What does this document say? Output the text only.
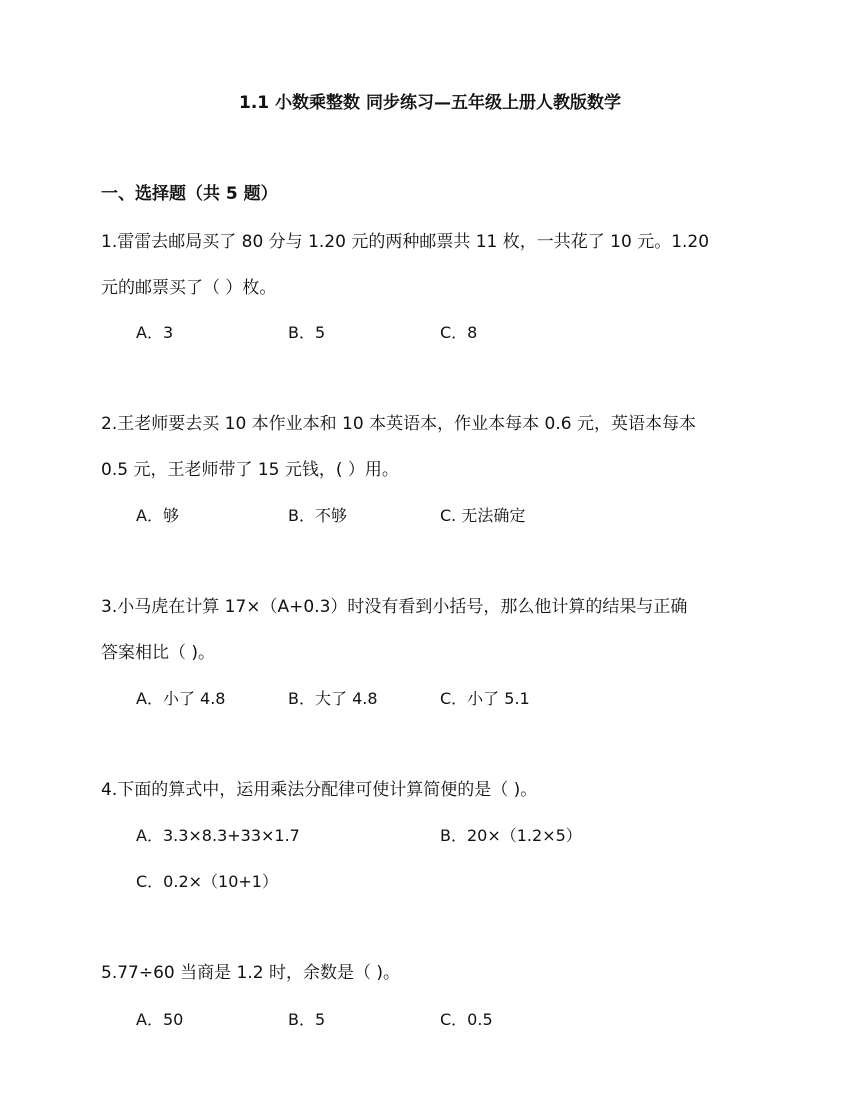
1.1 小数乘整数 同步练习—五年级上册人教版数学
一、选择题（共 5 题）
1.雷雷去邮局买了 80 分与 1.20 元的两种邮票共 11 枚，一共花了 10 元。1.20
元的邮票买了（ ）枚。
A．3	B．5	C．8
2.王老师要去买 10 本作业本和 10 本英语本，作业本每本 0.6 元，英语本每本
0.5 元，王老师带了 15 元钱，( ）用。
A．够	B．不够	C. 无法确定
3.小马虎在计算 17×（A+0.3）时没有看到小括号，那么他计算的结果与正确
答案相比（ )。
A．小了 4.8	B．大了 4.8	C．小了 5.1
4.下面的算式中，运用乘法分配律可使计算简便的是（ )。
A．3.3×8.3+33×1.7	B．20×（1.2×5）
C．0.2×（10+1）
5.77÷60 当商是 1.2 时，余数是（ )。
A．50	B．5	C．0.5
